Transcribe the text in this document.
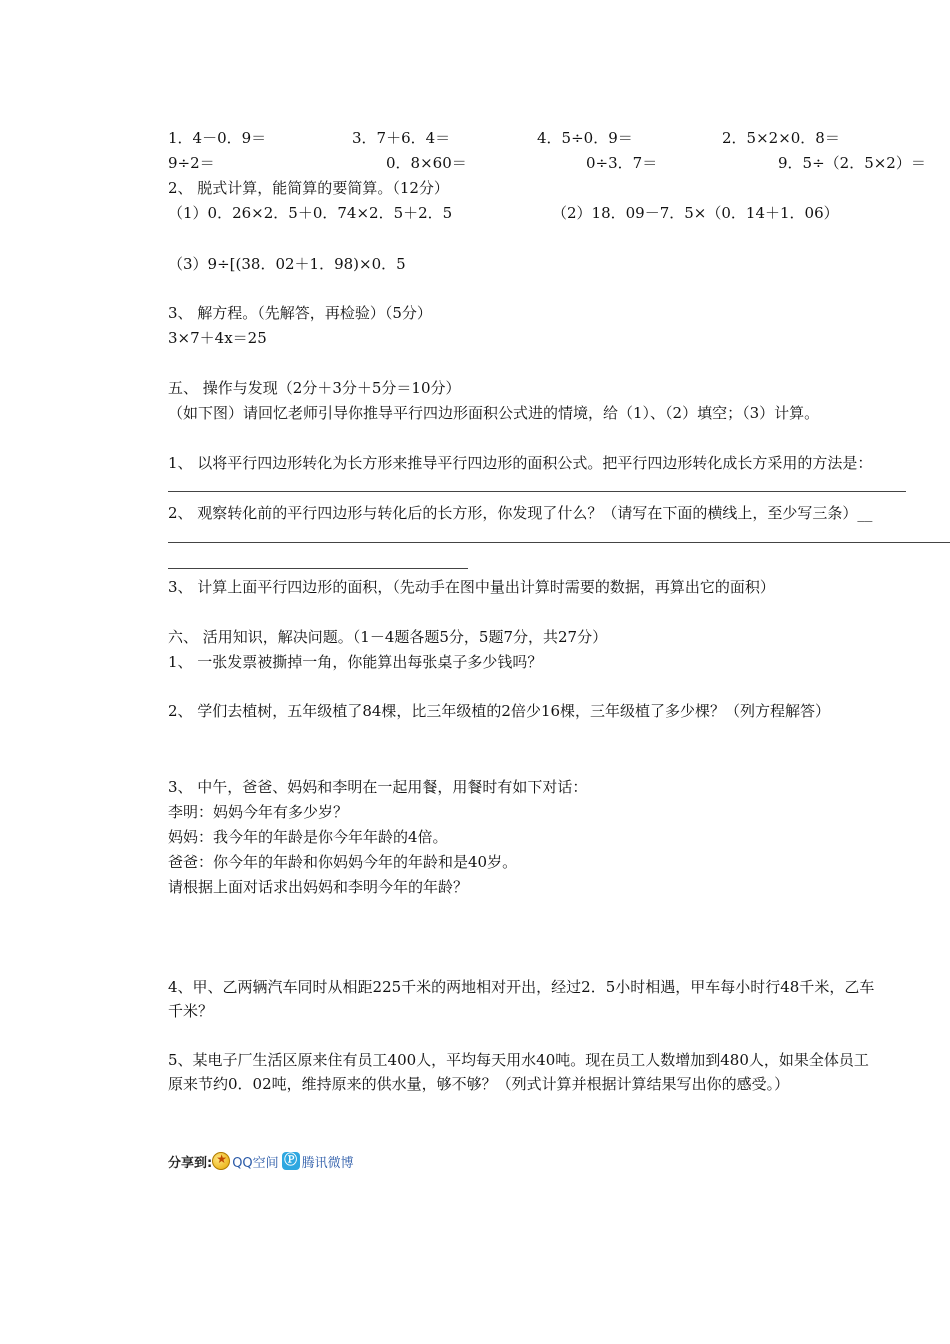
1．4－0．9＝	3．7＋6．4＝	4．5÷0．9＝	2．5×2×0．8＝
9÷2＝	0．8×60＝	0÷3．7＝	9．5÷（2．5×2）＝
2、 脱式计算，能简算的要简算。（12分）
（1）0．26×2．5＋0．74×2．5＋2．5	（2）18．09－7．5×（0．14＋1．06）
（3）9÷[(38．02＋1．98)×0．5
3、 解方程。（先解答，再检验）（5分）
3×7＋4x＝25
五、 操作与发现（2分＋3分＋5分＝10分）
（如下图）请回忆老师引导你推导平行四边形面积公式进的情境，给（1）、（2）填空；（3）计算。
1、 以将平行四边形转化为长方形来推导平行四边形的面积公式。把平行四边形转化成长方采用的方法是：
2、 观察转化前的平行四边形与转化后的长方形，你发现了什么？（请写在下面的横线上，至少写三条）__
3、 计算上面平行四边形的面积，（先动手在图中量出计算时需要的数据，再算出它的面积）
六、 活用知识，解决问题。（1－4题各题5分，5题7分，共27分）
1、 一张发票被撕掉一角，你能算出每张桌子多少钱吗？
2、 学们去植树，五年级植了84棵，比三年级植的2倍少16棵，三年级植了多少棵？（列方程解答）
3、 中午，爸爸、妈妈和李明在一起用餐，用餐时有如下对话：
李明：妈妈今年有多少岁？
妈妈：我今年的年龄是你今年年龄的4倍。
爸爸：你今年的年龄和你妈妈今年的年龄和是40岁。
请根据上面对话求出妈妈和李明今年的年龄？
4、甲、乙两辆汽车同时从相距225千米的两地相对开出，经过2．5小时相遇，甲车每小时行48千米，乙车
千米？
5、某电子厂生活区原来住有员工400人，平均每天用水40吨。现在员工人数增加到480人，如果全体员工
原来节约0．02吨，维持原来的供水量，够不够？（列式计算并根据计算结果写出你的感受。）
分享到:
★ QQ空间 Ⓟ 腾讯微博
